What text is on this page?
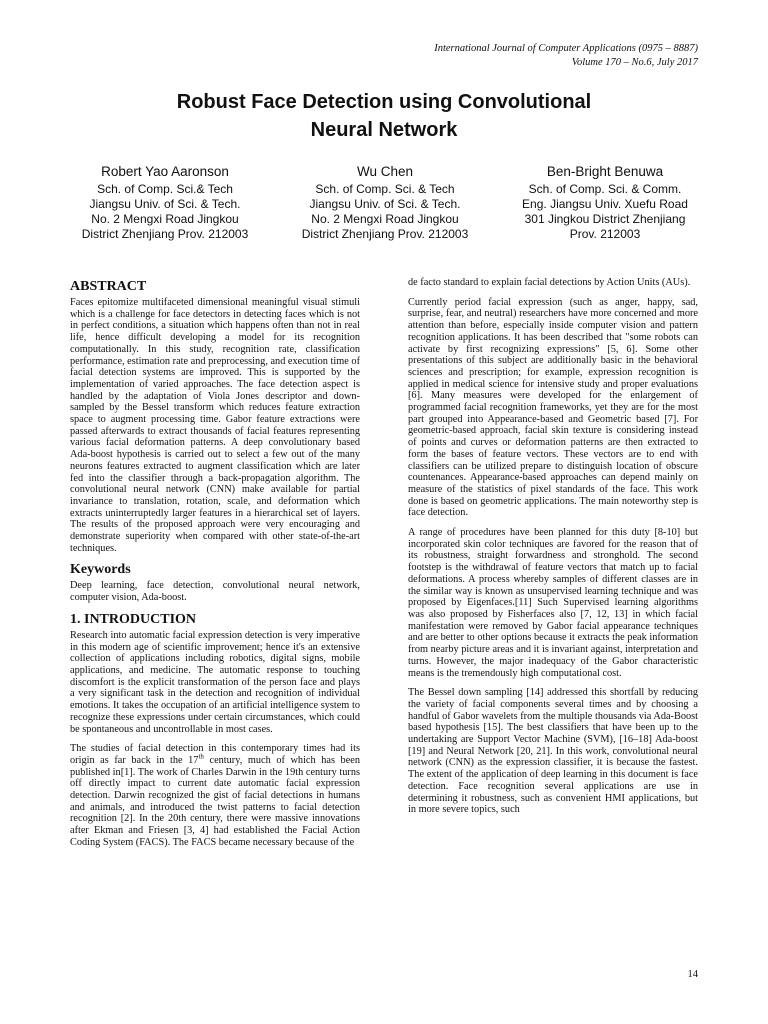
International Journal of Computer Applications (0975 – 8887)
Volume 170 – No.6, July 2017
Robust Face Detection using Convolutional
Neural Network
Robert Yao Aaronson
Sch. of Comp. Sci.& Tech
Jiangsu Univ. of Sci. & Tech.
No. 2 Mengxi Road Jingkou
District Zhenjiang Prov. 212003
Wu Chen
Sch. of Comp. Sci. & Tech
Jiangsu Univ. of Sci. & Tech.
No. 2 Mengxi Road Jingkou
District Zhenjiang Prov. 212003
Ben-Bright Benuwa
Sch. of Comp. Sci. & Comm.
Eng. Jiangsu Univ. Xuefu Road
301 Jingkou District Zhenjiang
Prov. 212003
ABSTRACT

Faces epitomize multifaceted dimensional meaningful visual stimuli which is a challenge for face detectors in detecting faces which is not in perfect conditions, a situation which happens often than not in real life, hence difficult developing a model for its recognition computationally. In this study, recognition rate, classification performance, estimation rate and preprocessing, and execution time of facial detection systems are improved. This is supported by the implementation of varied approaches. The face detection aspect is handled by the adaptation of Viola Jones descriptor and down-sampled by the Bessel transform which reduces feature extraction space to augment processing time. Gabor feature extractions were passed afterwards to extract thousands of facial features representing various facial deformation patterns. A deep convolutionary based Ada-boost hypothesis is carried out to select a few out of the many neurons features extracted to augment classification which are later fed into the classifier through a back-propagation algorithm. The convolutional neural network (CNN) make available for partial invariance to translation, rotation, scale, and deformation which extracts uninterruptedly larger features in a hierarchical set of layers. The results of the proposed approach were very encouraging and demonstrate superiority when compared with other state-of-the-art techniques.

Keywords

Deep learning, face detection, convolutional neural network, computer vision, Ada-boost.

1. INTRODUCTION

Research into automatic facial expression detection is very imperative in this modern age of scientific improvement; hence it's an extensive collection of applications including robotics, digital signs, mobile applications, and medicine. The automatic response to touching discomfort is the explicit transformation of the person face and plays a very significant task in the detection and recognition of individual emotions. It takes the occupation of an artificial intelligence system to recognize these expressions under certain circumstances, which could be spontaneous and uncontrollable in most cases.

The studies of facial detection in this contemporary times had its origin as far back in the 17th century, much of which has been published in[1]. The work of Charles Darwin in the 19th century turns off directly impact to current date automatic facial expression detection. Darwin recognized the gist of facial detections in humans and animals, and introduced the twist patterns to facial detection recognition [2]. In the 20th century, there were massive innovations after Ekman and Friesen [3, 4] had established the Facial Action Coding System (FACS). The FACS became necessary because of the

de facto standard to explain facial detections by Action Units (AUs).

Currently period facial expression (such as anger, happy, sad, surprise, fear, and neutral) researchers have more concerned and more attention than before, especially inside computer vision and pattern recognition applications. It has been described that "some robots can activate by first recognizing expressions" [5, 6]. Some other presentations of this subject are additionally basic in the behavioral sciences and prescription; for example, expression recognition is applied in medical science for intensive study and proper evaluations [6]. Many measures were developed for the enlargement of programmed facial recognition frameworks, yet they are for the most part grouped into Appearance-based and Geometric based [7]. For geometric-based approach, facial skin texture is considering instead of points and curves or deformation patterns are then extracted to form the bases of feature vectors. These vectors are to end with classifiers can be utilized prepare to distinguish location of obscure countenances. Appearance-based approaches can depend mainly on measure of the statistics of pixel standards of the face. This work done is based on geometric applications. The main noteworthy step is face detection.

A range of procedures have been planned for this duty [8-10] but incorporated skin color techniques are favored for the reason that of its robustness, straight forwardness and stronghold. The second footstep is the withdrawal of feature vectors that match up to facial deformations. A process whereby samples of different classes are in the similar way is known as unsupervised learning technique and was proposed by Eigenfaces.[11] Such Supervised learning algorithms was also proposed by Fisherfaces also [7, 12, 13] in which facial manifestation were removed by Gabor facial appearance techniques and are better to other options because it extracts the peak information from nearby picture areas and it is invariant against, interpretation and turns. However, the major inadequacy of the Gabor characteristic means is the tremendously high computational cost.

The Bessel down sampling [14] addressed this shortfall by reducing the variety of facial components several times and by choosing a handful of Gabor wavelets from the multiple thousands via Ada-Boost based hypothesis [15]. The best classifiers that have been up to the undertaking are Support Vector Machine (SVM), [16–18] Ada-boost [19] and Neural Network [20, 21]. In this work, convolutional neural network (CNN) as the expression classifier, it is because the fastest. The extent of the application of deep learning in this document is face detection. Face recognition several applications are use in determining it robustness, such as convenient HMI applications, but in more severe topics, such

14
